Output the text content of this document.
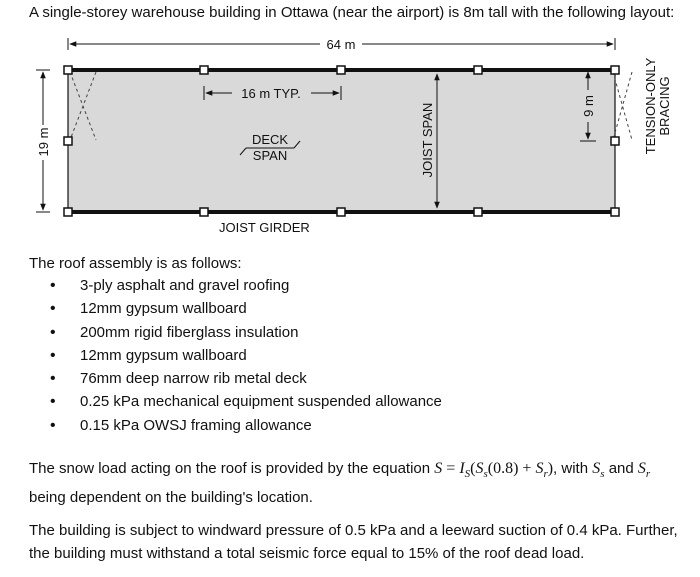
A single-storey warehouse building in Ottawa (near the airport) is 8m tall with the following layout:
64 m
16 m TYP.
19 m
9 m
DECK
SPAN	JOIST SPAN	TENSION-ONLY BRACING
JOIST GIRDER
The roof assembly is as follows:
• 3-ply asphalt and gravel roofing
• 12mm gypsum wallboard
• 200mm rigid fiberglass insulation
• 12mm gypsum wallboard
• 76mm deep narrow rib metal deck
• 0.25 kPa mechanical equipment suspended allowance
• 0.15 kPa OWSJ framing allowance
The snow load acting on the roof is provided by the equation $S = I_S(S_s(0.8) + S_r)$, with $S_s$ and $S_r$ being dependent on the building's location.
The building is subject to windward pressure of 0.5 kPa and a leeward suction of 0.4 kPa. Further, the building must withstand a total seismic force equal to 15% of the roof dead load.
